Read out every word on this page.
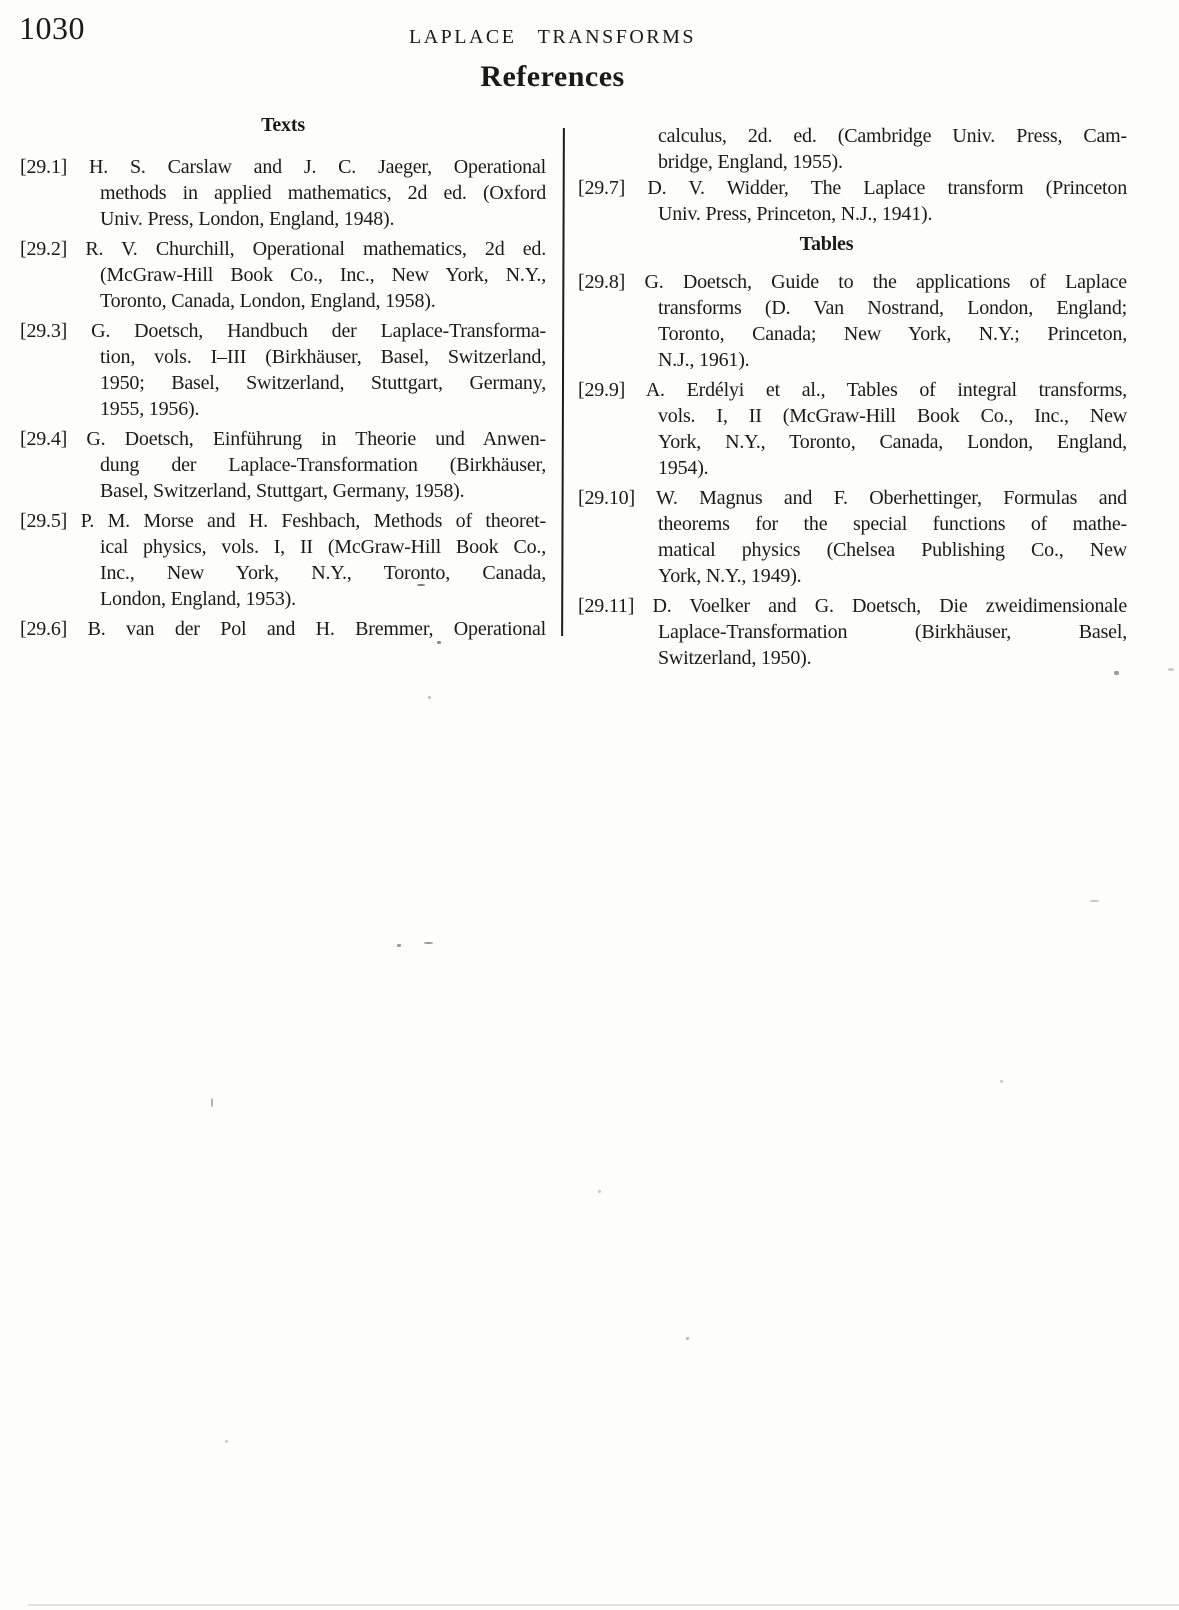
1030	LAPLACE TRANSFORMS
References
Texts
[29.1] H. S. Carslaw and J. C. Jaeger, Operational
methods in applied mathematics, 2d ed. (Oxford
Univ. Press, London, England, 1948).
[29.2] R. V. Churchill, Operational mathematics, 2d ed.
(McGraw-Hill Book Co., Inc., New York, N.Y.,
Toronto, Canada, London, England, 1958).
[29.3] G. Doetsch, Handbuch der Laplace-Transforma-
tion, vols. I–III (Birkhäuser, Basel, Switzerland,
1950; Basel, Switzerland, Stuttgart, Germany,
1955, 1956).
[29.4] G. Doetsch, Einführung in Theorie und Anwen-
dung der Laplace-Transformation (Birkhäuser,
Basel, Switzerland, Stuttgart, Germany, 1958).
[29.5] P. M. Morse and H. Feshbach, Methods of theoret-
ical physics, vols. I, II (McGraw-Hill Book Co.,
Inc., New York, N.Y., Toronto, Canada,
London, England, 1953).
[29.6] B. van der Pol and H. Bremmer, Operational
calculus, 2d. ed. (Cambridge Univ. Press, Cam-
bridge, England, 1955).
[29.7] D. V. Widder, The Laplace transform (Princeton
Univ. Press, Princeton, N.J., 1941).
Tables
[29.8] G. Doetsch, Guide to the applications of Laplace
transforms (D. Van Nostrand, London, England;
Toronto, Canada; New York, N.Y.; Princeton,
N.J., 1961).
[29.9] A. Erdélyi et al., Tables of integral transforms,
vols. I, II (McGraw-Hill Book Co., Inc., New
York, N.Y., Toronto, Canada, London, England,
1954).
[29.10] W. Magnus and F. Oberhettinger, Formulas and
theorems for the special functions of mathe-
matical physics (Chelsea Publishing Co., New
York, N.Y., 1949).
[29.11] D. Voelker and G. Doetsch, Die zweidimensionale
Laplace-Transformation (Birkhäuser, Basel,
Switzerland, 1950).
